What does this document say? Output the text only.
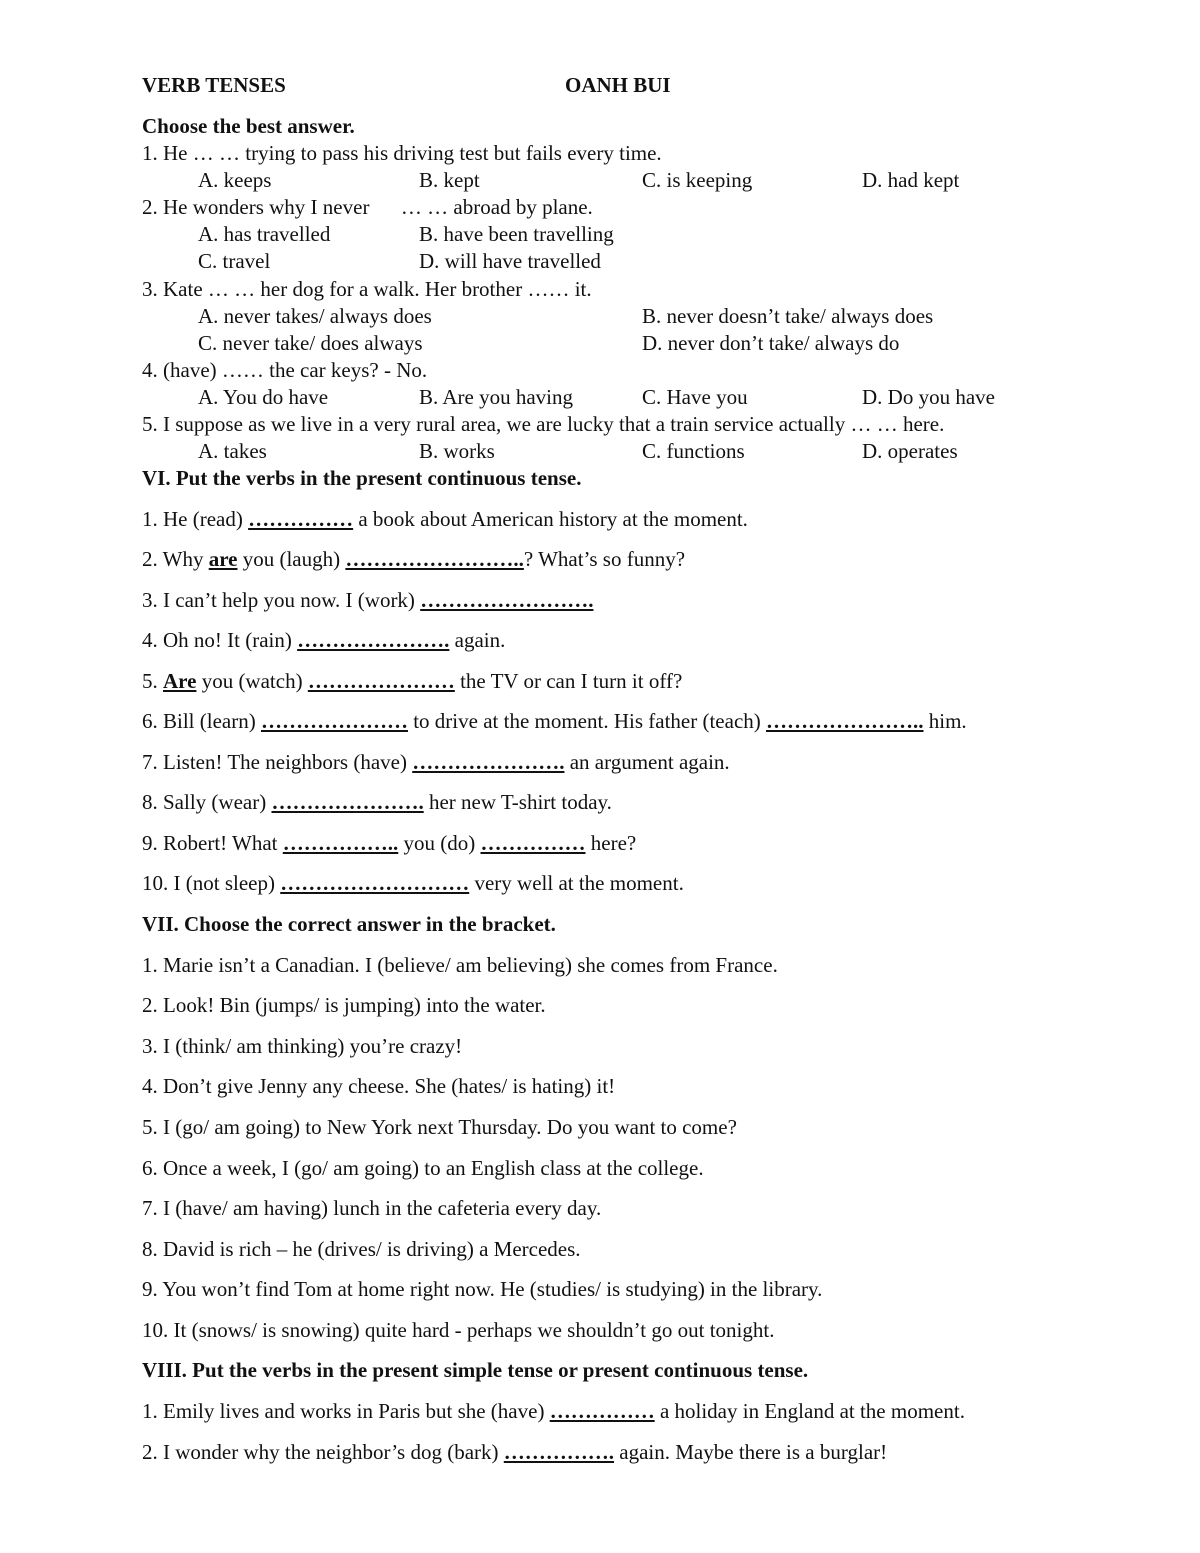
VERB TENSES	OANH BUI
Choose the best answer.
1. He … … trying to pass his driving test but fails every time.
A. keeps	B. kept	C. is keeping	D. had kept
2. He wonders why I never      … … abroad by plane.
A. has travelled	B. have been travelling
C. travel	D. will have travelled
3. Kate … … her dog for a walk. Her brother …… it.
A. never takes/ always does	B. never doesn’t take/ always does
C. never take/ does always	D. never don’t take/ always do
4. (have) …… the car keys? - No.
A. You do have	B. Are you having	C. Have you	D. Do you have
5. I suppose as we live in a very rural area, we are lucky that a train service actually … … here.
A. takes	B. works	C. functions	D. operates
VI. Put the verbs in the present continuous tense.
1. He (read) …………… a book about American history at the moment.
2. Why are you (laugh) ……………………..? What’s so funny?
3. I can’t help you now. I (work) …………………….
4. Oh no! It (rain) …………………. again.
5. Are you (watch) ………………… the TV or can I turn it off?
6. Bill (learn) ………………… to drive at the moment. His father (teach) ………………….. him.
7. Listen! The neighbors (have) …………………. an argument again.
8. Sally (wear) …………………. her new T-shirt today.
9. Robert! What …………….. you (do) …………… here?
10. I (not sleep) ……………………… very well at the moment.
VII. Choose the correct answer in the bracket.
1. Marie isn’t a Canadian. I (believe/ am believing) she comes from France.
2. Look! Bin (jumps/ is jumping) into the water.
3. I (think/ am thinking) you’re crazy!
4. Don’t give Jenny any cheese. She (hates/ is hating) it!
5. I (go/ am going) to New York next Thursday. Do you want to come?
6. Once a week, I (go/ am going) to an English class at the college.
7. I (have/ am having) lunch in the cafeteria every day.
8. David is rich – he (drives/ is driving) a Mercedes.
9. You won’t find Tom at home right now. He (studies/ is studying) in the library.
10. It (snows/ is snowing) quite hard - perhaps we shouldn’t go out tonight.
VIII. Put the verbs in the present simple tense or present continuous tense.
1. Emily lives and works in Paris but she (have) …………… a holiday in England at the moment.
2. I wonder why the neighbor’s dog (bark) ……………. again. Maybe there is a burglar!
